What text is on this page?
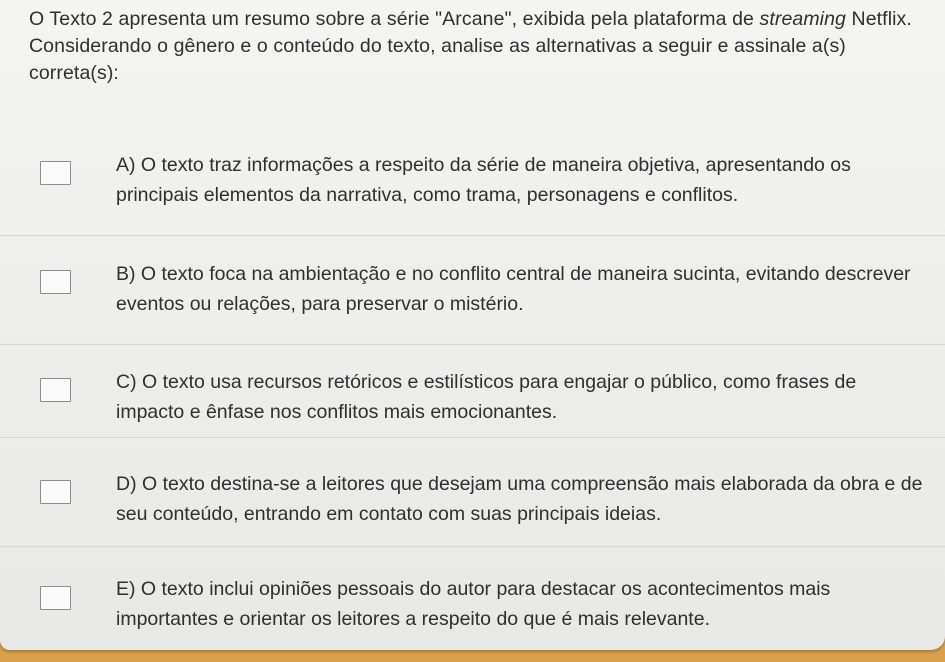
O Texto 2 apresenta um resumo sobre a série "Arcane", exibida pela plataforma de streaming Netflix. Considerando o gênero e o conteúdo do texto, analise as alternativas a seguir e assinale a(s) correta(s):
A) O texto traz informações a respeito da série de maneira objetiva, apresentando os principais elementos da narrativa, como trama, personagens e conflitos.
B) O texto foca na ambientação e no conflito central de maneira sucinta, evitando descrever eventos ou relações, para preservar o mistério.
C) O texto usa recursos retóricos e estilísticos para engajar o público, como frases de impacto e ênfase nos conflitos mais emocionantes.
D) O texto destina-se a leitores que desejam uma compreensão mais elaborada da obra e de seu conteúdo, entrando em contato com suas principais ideias.
E) O texto inclui opiniões pessoais do autor para destacar os acontecimentos mais importantes e orientar os leitores a respeito do que é mais relevante.
